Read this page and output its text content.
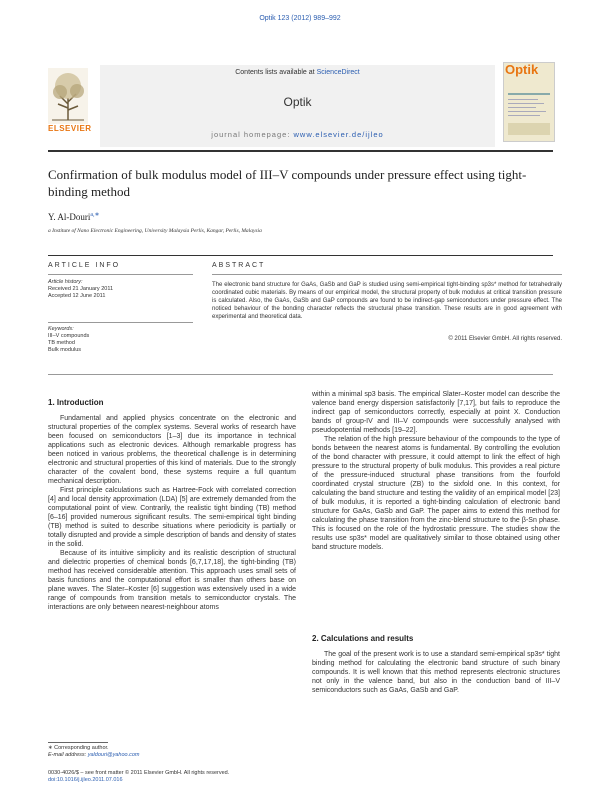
Optik 123 (2012) 989–992
ELSEVIER
Contents lists available at ScienceDirect
Optik
journal homepage: www.elsevier.de/ijleo
Optik
Confirmation of bulk modulus model of III–V compounds under pressure effect using tight-binding method
Y. Al-Douri$^{a,∗}$
a Institute of Nano Electronic Engineering, University Malaysia Perlis, Kangar, Perlis, Malaysia
ARTICLE INFO
Article history:
Received 21 January 2011
Accepted 12 June 2011
Keywords:
III–V compounds
TB method
Bulk modulus
ABSTRACT
The electronic band structure for GaAs, GaSb and GaP is studied using semi-empirical tight-binding sp3s* method for tetrahedrally coordinated cubic materials. By means of our empirical model, the structural property of bulk modulus at critical transition pressure is calculated. Also, the GaAs, GaSb and GaP compounds are found to be indirect-gap semiconductors under pressure effect. The noticed behaviour of the bonding character reflects the structural phase transition. These results are in good agreement with experimental and theoretical data.
© 2011 Elsevier GmbH. All rights reserved.
1. Introduction

Fundamental and applied physics concentrate on the electronic and structural properties of the complex systems. Several works of research have been focused on semiconductors [1–3] due its importance in technical applications such as electronic devices. Although remarkable progress has been noticed in various problems, the theoretical challenge is in determining electronic and structural properties of this kind of materials. Due to the strongly character of the covalent bond, these systems require a full quantum mechanical description.

First principle calculations such as Hartree-Fock with correlated correction [4] and local density approximation (LDA) [5] are extremely demanded from the computational point of view. Contrarily, the realistic tight binding (TB) method [6–16] provided numerous significant results. The semi-empirical tight binding (TB) method is suited to describe situations where periodicity is partially or totally disrupted and provide a simple description of bands and density of states in the solid.

Because of its intuitive simplicity and its realistic description of structural and dielectric properties of chemical bonds [6,7,17,18], the tight-binding (TB) method has received considerable attention. This approach uses small sets of basis functions and the computational effort is smaller than others base on plane waves. The Slater–Koster [6] suggestion was extensively used in a wide range of compounds from transition metals to semiconductor crystals. The interactions are only between nearest-neighbour atoms

∗ Corresponding author.
E-mail address: yaldouri@yahoo.com
0030-4026/$ – see front matter © 2011 Elsevier GmbH. All rights reserved.
doi:10.1016/j.ijleo.2011.07.016

within a minimal sp3 basis. The empirical Slater–Koster model can describe the valence band energy dispersion satisfactorily [7,17], but fails to reproduce the indirect gap of semiconductors correctly, especially at point X. Conduction bands of group-IV and III–V compounds were successfully analysed with pseudopotential methods [19–22].

The relation of the high pressure behaviour of the compounds to the type of bonds between the nearest atoms is fundamental. By controlling the evolution of the bond character with pressure, it could attempt to link the effect of high pressure to the structural property of bulk modulus. This provides a real picture of the pressure-induced structural phase transitions from the fourfold coordinated crystal structure (ZB) to the sixfold one. In this context, for calculating the band structure and testing the validity of an empirical model [23] of bulk modulus, it is reported a tight-binding calculation of electronic band structure for GaAs, GaSb and GaP. The paper aims to extend this method for calculating the phase transition from the zinc-blend structure to the β-Sn phase. This is focused on the role of the hydrostatic pressure. The studies show the results use sp3s* model are qualitatively similar to those obtained using other band structure models.

2. Calculations and results

The goal of the present work is to use a standard semi-empirical sp3s* tight binding method for calculating the electronic band structure of such binary compounds. It is well known that this method represents electronic structures not only in the valence band, but also in the conduction band of III–V semiconductors such as GaAs, GaSb and GaP.
